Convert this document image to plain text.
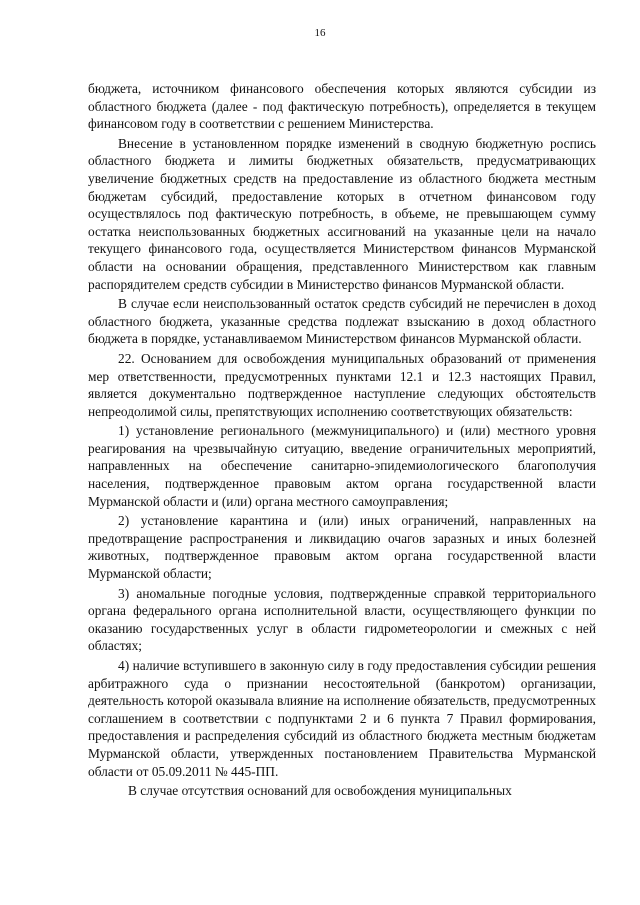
16

бюджета, источником финансового обеспечения которых являются субсидии из областного бюджета (далее - под фактическую потребность), определяется в текущем финансовом году в соответствии с решением Министерства.

Внесение в установленном порядке изменений в сводную бюджетную роспись областного бюджета и лимиты бюджетных обязательств, предусматривающих увеличение бюджетных средств на предоставление из областного бюджета местным бюджетам субсидий, предоставление которых в отчетном финансовом году осуществлялось под фактическую потребность, в объеме, не превышающем сумму остатка неиспользованных бюджетных ассигнований на указанные цели на начало текущего финансового года, осуществляется Министерством финансов Мурманской области на основании обращения, представленного Министерством как главным распорядителем средств субсидии в Министерство финансов Мурманской области.

В случае если неиспользованный остаток средств субсидий не перечислен в доход областного бюджета, указанные средства подлежат взысканию в доход областного бюджета в порядке, устанавливаемом Министерством финансов Мурманской области.

22. Основанием для освобождения муниципальных образований от применения мер ответственности, предусмотренных пунктами 12.1 и 12.3 настоящих Правил, является документально подтвержденное наступление следующих обстоятельств непреодолимой силы, препятствующих исполнению соответствующих обязательств:

1) установление регионального (межмуниципального) и (или) местного уровня реагирования на чрезвычайную ситуацию, введение ограничительных мероприятий, направленных на обеспечение санитарно-эпидемиологического благополучия населения, подтвержденное правовым актом органа государственной власти Мурманской области и (или) органа местного самоуправления;

2) установление карантина и (или) иных ограничений, направленных на предотвращение распространения и ликвидацию очагов заразных и иных болезней животных, подтвержденное правовым актом органа государственной власти Мурманской области;

3) аномальные погодные условия, подтвержденные справкой территориального органа федерального органа исполнительной власти, осуществляющего функции по оказанию государственных услуг в области гидрометеорологии и смежных с ней областях;

4) наличие вступившего в законную силу в году предоставления субсидии решения арбитражного суда о признании несостоятельной (банкротом) организации, деятельность которой оказывала влияние на исполнение обязательств, предусмотренных соглашением в соответствии с подпунктами 2 и 6 пункта 7 Правил формирования, предоставления и распределения субсидий из областного бюджета местным бюджетам Мурманской области, утвержденных постановлением Правительства Мурманской области от 05.09.2011 № 445-ПП.

В случае отсутствия оснований для освобождения муниципальных
